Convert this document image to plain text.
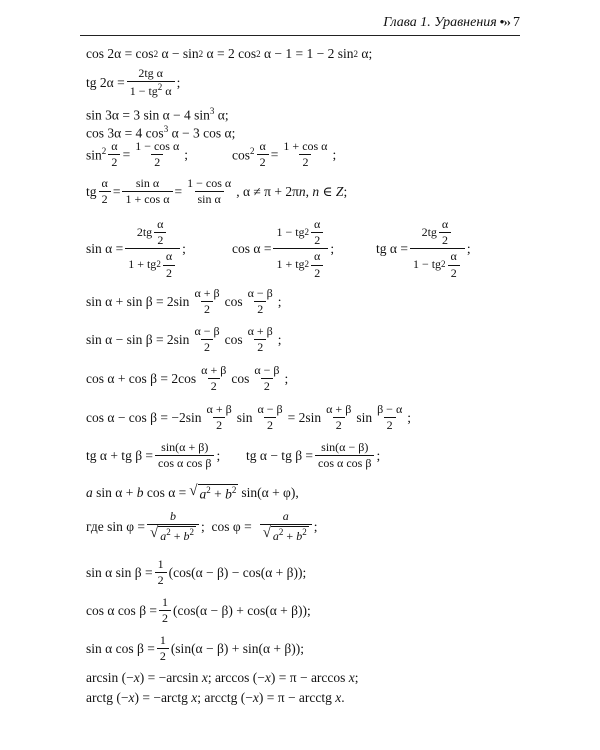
Глава 1. Уравнения •›› 7
cos 2α = cos 2 α − sin 2 α = 2 cos 2 α − 1 = 1 − 2 sin 2 α;
tg $2\alpha = \frac{\text{2tg α}}{1 - tg^2 \alpha}$ ;
sin 3α = 3 sin α − 4 $\sin^3 \alpha$;
cos 3α = 4 $\cos^3 \alpha - 3$ cos α;
$\sin^2 \frac{\alpha}{2} = \frac{\text{1 − cos α}}{2}$ ;	$\cos^2 \frac{\alpha}{2} = \frac{\text{1 + cos α}}{2}$ ;
tg $\frac{\alpha}{2} = \frac{\text{sin α}}{\text{1 + cos α}} = \frac{\text{1 − cos α}}{\text{sin α}}$ , α ≠ π + 2πn, n ∈ Z;
$\sin \alpha = \frac{2tg \frac{\alpha}{2}}{1 + tg 2 \frac{\alpha}{2}}$ ;	$\cos \alpha = \frac{1 - tg 2 \frac{\alpha}{2}}{1 + tg 2 \frac{\alpha}{2}}$ ;	tg $\alpha = \frac{2tg \frac{\alpha}{2}}{1 - tg 2 \frac{\alpha}{2}}$ ;
$\sin \alpha + \sin \beta = 2\sin \frac{\alpha + \beta}{2}$ $\cos \frac{\alpha - \beta}{2}$ ;
$\sin \alpha - \sin \beta = 2\sin \frac{\alpha - \beta}{2}$ $\cos \frac{\alpha + \beta}{2}$ ;
$\cos \alpha + \cos \beta = 2\cos \frac{\alpha + \beta}{2}$ $\cos \frac{\alpha - \beta}{2}$ ;
$\cos \alpha - \cos \beta = -2\sin \frac{\alpha + \beta}{2}$ $\sin \frac{\alpha - \beta}{2} = 2\sin \frac{\alpha + \beta}{2}$ $\sin \frac{\beta - \alpha}{2}$ ;
tg α + tg $\beta = \frac{\sin(\alpha + \beta)}{\text{cos α cos β}}$ ; tg α − tg $\beta = \frac{\sin(\alpha - \beta)}{\text{cos α cos β}}$ ;
a sin α + b cos α = √ $a^2 + b^2$ sin(α + φ),
где $\sin \varphi = \frac{b}{√ a^2 + b^2}$ ;  $\cos \varphi = \frac{a}{√ a^2 + b^2}$ ;
sin α $\sin \beta = \frac{1}{2} (\cos(\alpha - \beta) - \cos(\alpha + \beta))$;
cos α $\cos \beta = \frac{1}{2} (\cos(\alpha - \beta) + \cos(\alpha + \beta))$;
sin α $\cos \beta = \frac{1}{2} (\sin(\alpha - \beta) + \sin(\alpha + \beta))$;
arcsin (−x) = −arcsin x; arccos (−x) = π − arccos x;
arctg (−x) = −arctg x; arcctg (−x) = π − arcctg x.
